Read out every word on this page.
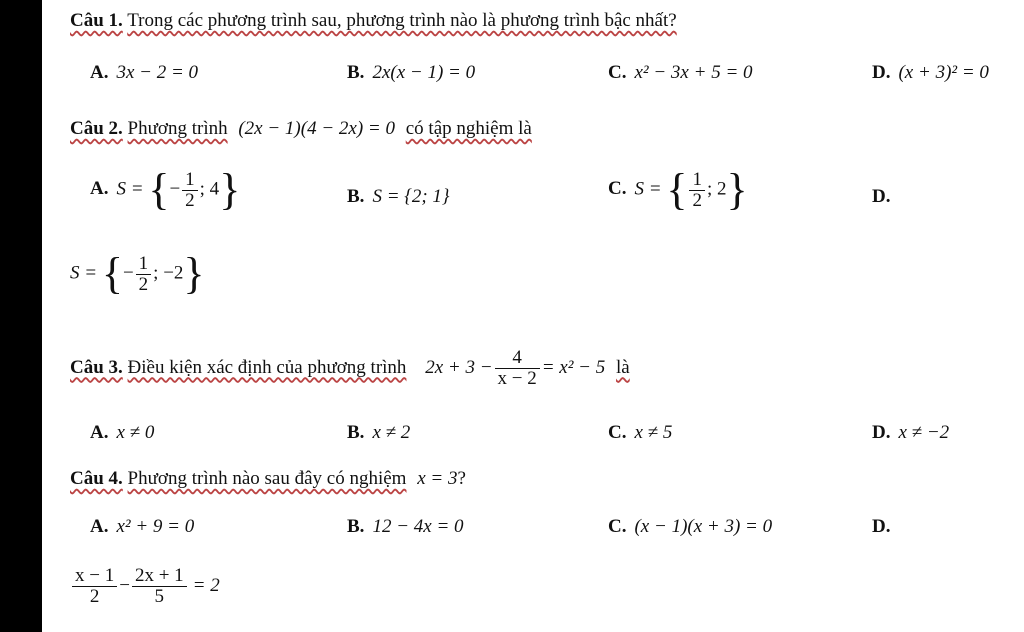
Câu 1. Trong các phương trình sau, phương trình nào là phương trình bậc nhất?
A. 3x − 2 = 0	B. 2x(x − 1) = 0	C. x² − 3x + 5 = 0	D. (x + 3)² = 0
Câu 2. Phương trình (2x − 1)(4 − 2x) = 0 có tập nghiệm là
A. S = {− $\frac{1}{2}$ ; 4}	B. S = {2; 1}	C. S = { $\frac{1}{2}$ ; 2}	D.
S = {− $\frac{1}{2}$ ; −2}
Câu 3. Điều kiện xác định của phương trình $2x + 3 - \frac{4}{x - 2} = x^2 - 5$ là
A. x ≠ 0	B. x ≠ 2	C. x ≠ 5	D. x ≠ −2
Câu 4. Phương trình nào sau đây có nghiệm x = 3?
A. x² + 9 = 0	B. 12 − 4x = 0	C. (x − 1)(x + 3) = 0	D.
$\frac{x - 1}{2} - \frac{2x + 1}{5} = 2$
